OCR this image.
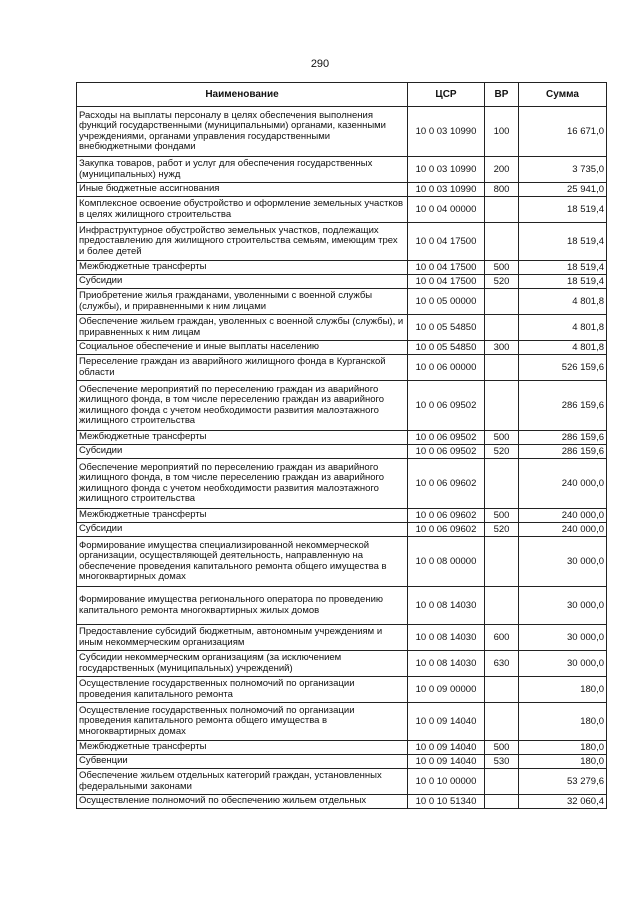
290
Наименование	ЦСР	ВР	Сумма
Расходы на выплаты персоналу в целях обеспечения выполнения функций государственными (муниципальными) органами, казенными учреждениями, органами управления государственными внебюджетными фондами	10 0 03 10990	100	16 671,0
Закупка товаров, работ и услуг для обеспечения государственных (муниципальных) нужд	10 0 03 10990	200	3 735,0
Иные бюджетные ассигнования	10 0 03 10990	800	25 941,0
Комплексное освоение обустройство и оформление земельных участков в целях жилищного строительства	10 0 04 00000		18 519,4
Инфраструктурное обустройство земельных участков, подлежащих предоставлению для жилищного строительства семьям, имеющим трех и более детей	10 0 04 17500		18 519,4
Межбюджетные трансферты	10 0 04 17500	500	18 519,4
Субсидии	10 0 04 17500	520	18 519,4
Приобретение жилья гражданами, уволенными с военной службы (службы), и приравненными к ним лицами	10 0 05 00000		4 801,8
Обеспечение жильем граждан, уволенных с военной службы (службы), и приравненных к ним лицам	10 0 05 54850		4 801,8
Социальное обеспечение и иные выплаты населению	10 0 05 54850	300	4 801,8
Переселение граждан из аварийного жилищного фонда в Курганской области	10 0 06 00000		526 159,6
Обеспечение мероприятий по переселению граждан из аварийного жилищного фонда, в том числе переселению граждан из аварийного жилищного фонда с учетом необходимости развития малоэтажного жилищного строительства	10 0 06 09502		286 159,6
Межбюджетные трансферты	10 0 06 09502	500	286 159,6
Субсидии	10 0 06 09502	520	286 159,6
Обеспечение мероприятий по переселению граждан из аварийного жилищного фонда, в том числе переселению граждан из аварийного жилищного фонда с учетом необходимости развития малоэтажного жилищного строительства	10 0 06 09602		240 000,0
Межбюджетные трансферты	10 0 06 09602	500	240 000,0
Субсидии	10 0 06 09602	520	240 000,0
Формирование имущества специализированной некоммерческой организации, осуществляющей деятельность, направленную на обеспечение проведения капитального ремонта общего имущества в многоквартирных домах	10 0 08 00000		30 000,0
Формирование имущества регионального оператора по проведению капитального ремонта многоквартирных жилых домов	10 0 08 14030		30 000,0
Предоставление субсидий бюджетным, автономным учреждениям и иным некоммерческим организациям	10 0 08 14030	600	30 000,0
Субсидии некоммерческим организациям (за исключением государственных (муниципальных) учреждений)	10 0 08 14030	630	30 000,0
Осуществление государственных полномочий по организации проведения капитального ремонта	10 0 09 00000		180,0
Осуществление государственных полномочий по организации проведения капитального ремонта общего имущества в многоквартирных домах	10 0 09 14040		180,0
Межбюджетные трансферты	10 0 09 14040	500	180,0
Субвенции	10 0 09 14040	530	180,0
Обеспечение жильем отдельных категорий граждан, установленных федеральными законами	10 0 10 00000		53 279,6
Осуществление полномочий по обеспечению жильем отдельных	10 0 10 51340		32 060,4
